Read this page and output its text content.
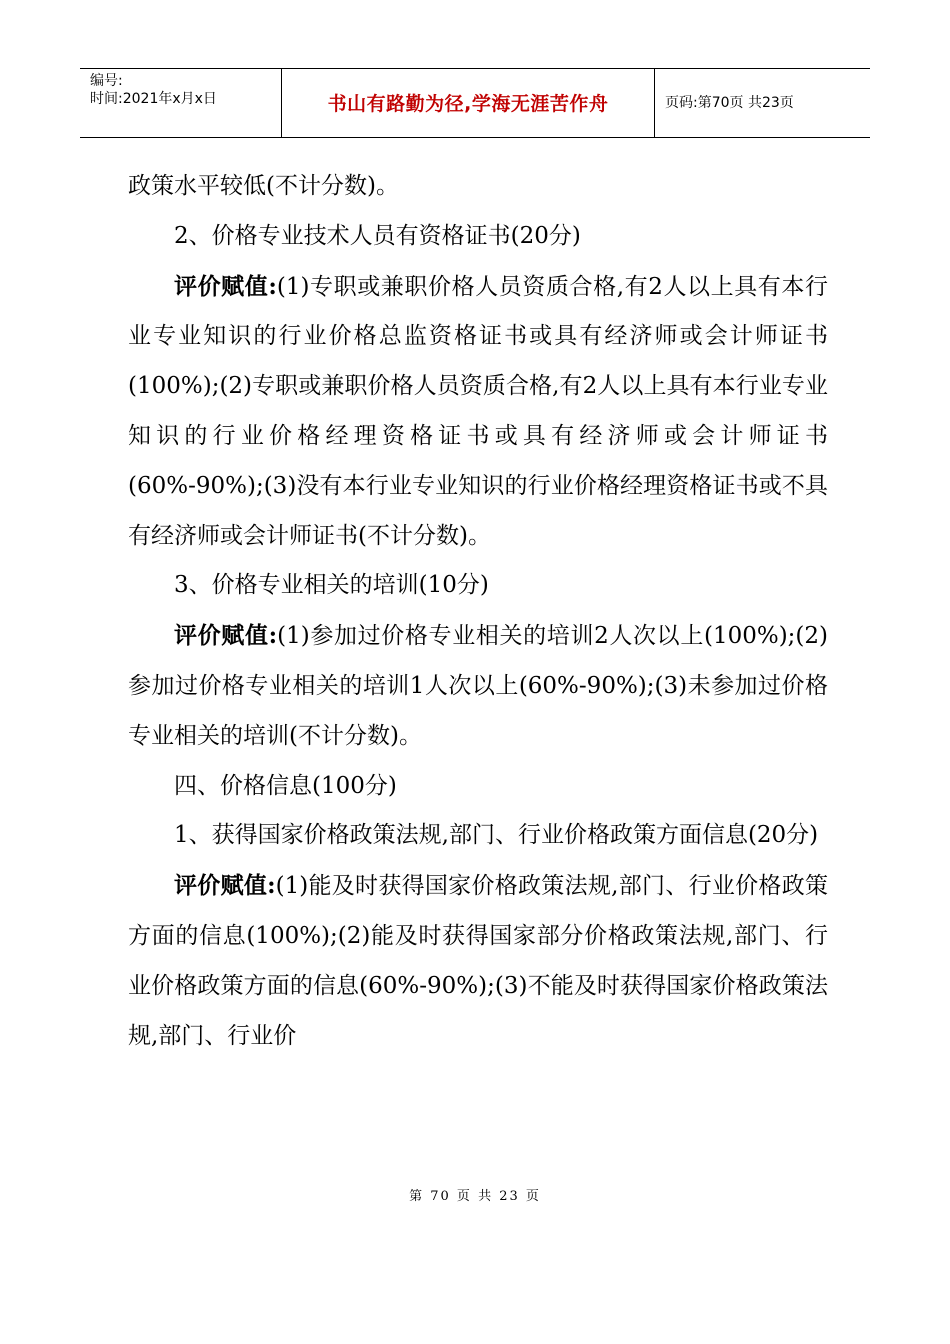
编号:
时间:2021年x月x日	书山有路勤为径,学海无涯苦作舟	页码:第70页 共23页

政策水平较低(不计分数)。

2、价格专业技术人员有资格证书(20分)

评价赋值:(1)专职或兼职价格人员资质合格,有2人以上具有本行业专业知识的行业价格总监资格证书或具有经济师或会计师证书(100%);(2)专职或兼职价格人员资质合格,有2人以上具有本行业专业知识的行业价格经理资格证书或具有经济师或会计师证书(60%-90%);(3)没有本行业专业知识的行业价格经理资格证书或不具有经济师或会计师证书(不计分数)。

3、价格专业相关的培训(10分)

评价赋值:(1)参加过价格专业相关的培训2人次以上(100%);(2)参加过价格专业相关的培训1人次以上(60%-90%);(3)未参加过价格专业相关的培训(不计分数)。

四、价格信息(100分)

1、获得国家价格政策法规,部门、行业价格政策方面信息(20分)

评价赋值:(1)能及时获得国家价格政策法规,部门、行业价格政策方面的信息(100%);(2)能及时获得国家部分价格政策法规,部门、行业价格政策方面的信息(60%-90%);(3)不能及时获得国家价格政策法规,部门、行业价

第 70 页 共 23 页
